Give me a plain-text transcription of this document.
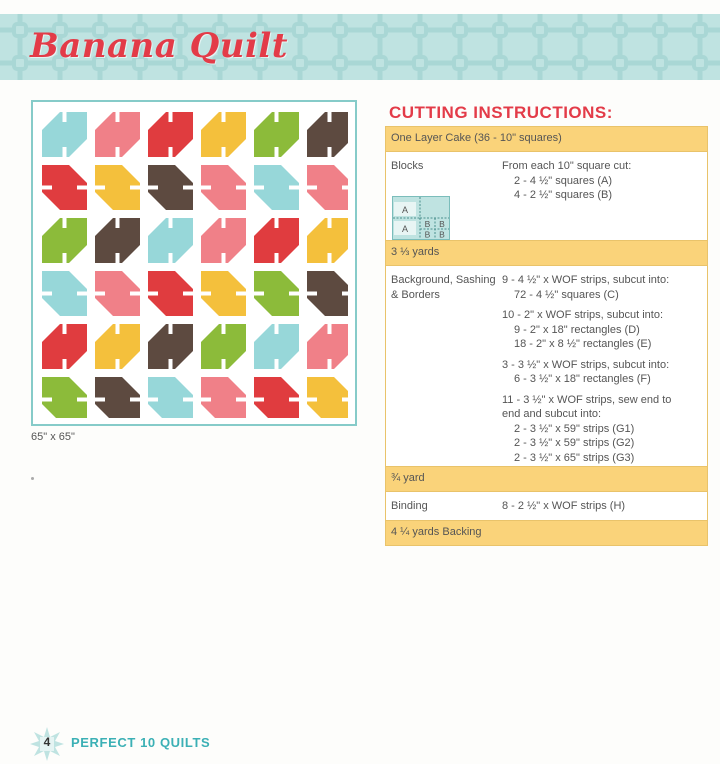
Banana Quilt
65" x 65"
CUTTING INSTRUCTIONS:
One Layer Cake (36 - 10" squares)
Blocks	From each 10" square cut:
2 - 4 ½" squares (A)
4 - 2 ½" squares (B)
A
A B B
B B
3 ⅓ yards
Background, Sashing & Borders
9 - 4 ½" x WOF strips, subcut into:
72 - 4 ½" squares (C)
10 - 2" x WOF strips, subcut into:
9 - 2" x 18" rectangles (D)
18 - 2" x 8 ½" rectangles (E)
3 - 3 ½" x WOF strips, subcut into:
6 - 3 ½" x 18" rectangles (F)
11 - 3 ½" x WOF strips, sew end to
end and subcut into:
2 - 3 ½" x 59" strips (G1)
2 - 3 ½" x 59" strips (G2)
2 - 3 ½" x 65" strips (G3)
¾ yard
Binding	8 - 2 ½" x WOF strips (H)
4 ¼ yards Backing
4 PERFECT 10 QUILTS
